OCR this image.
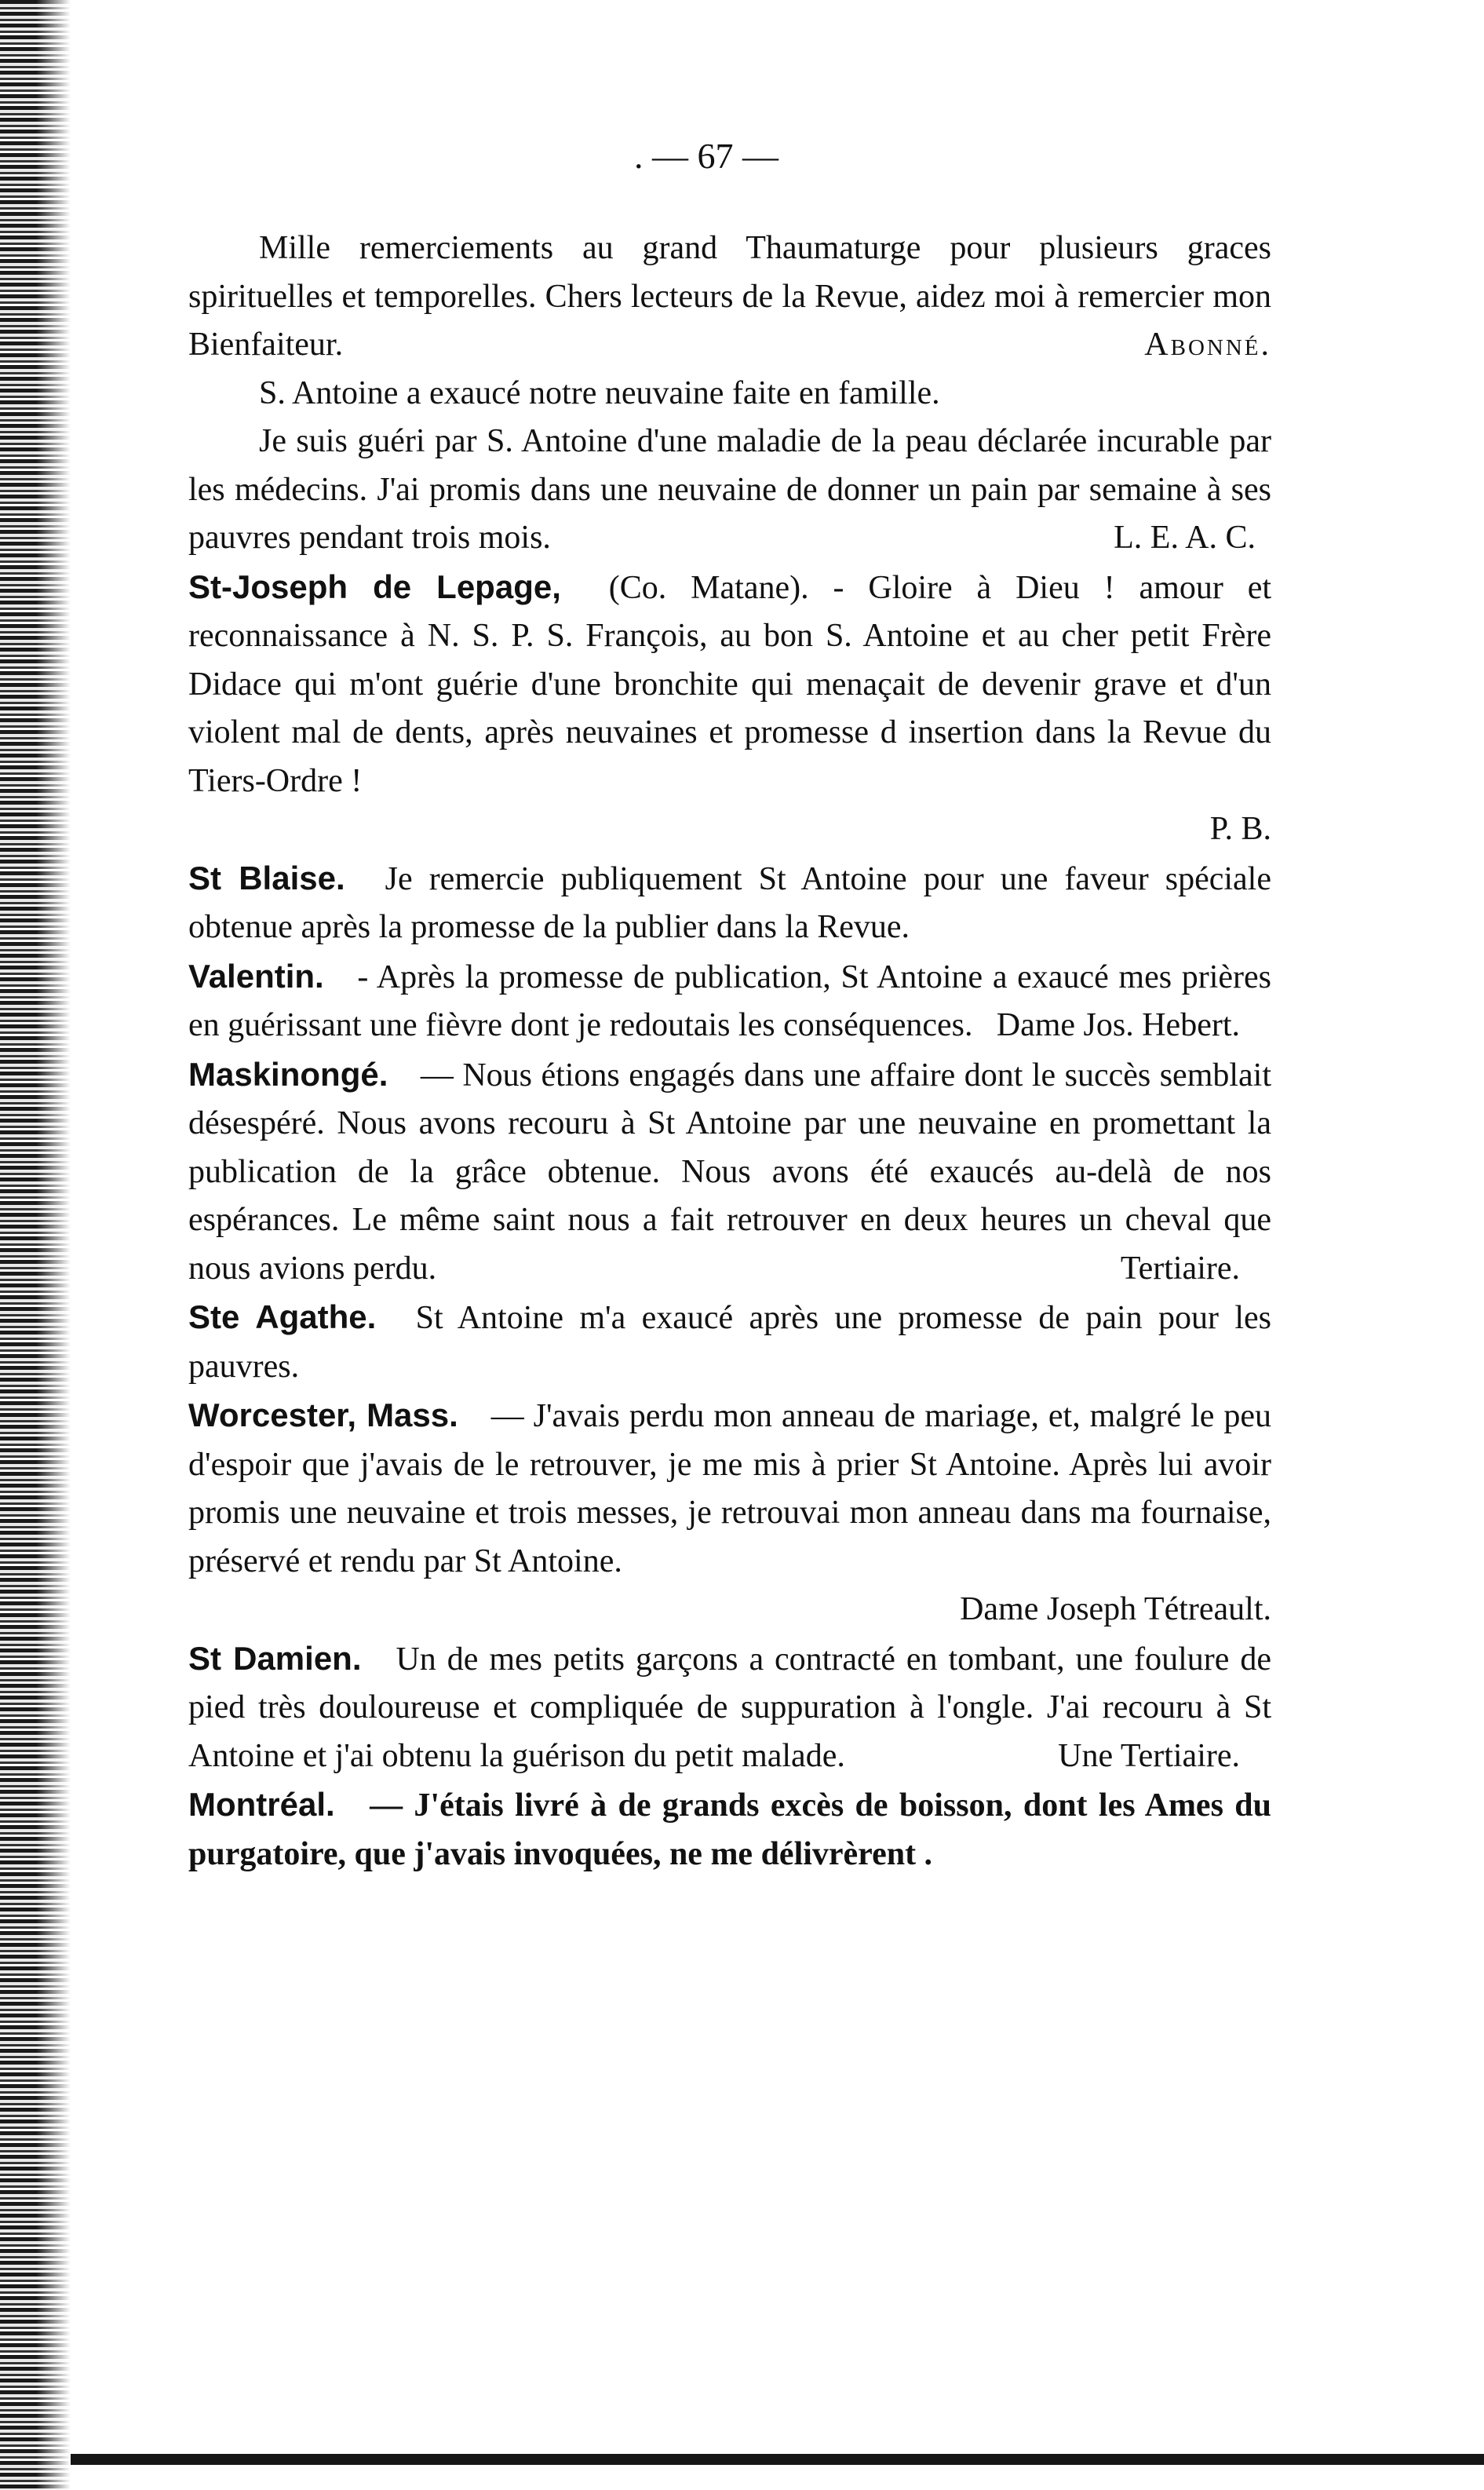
. — 67 —

Mille remerciements au grand Thaumaturge pour plusieurs graces spirituelles et temporelles. Chers lecteurs de la Revue, aidez moi à remercier mon Bienfaiteur.	Abonné.

S. Antoine a exaucé notre neuvaine faite en famille.

Je suis guéri par S. Antoine d'une maladie de la peau déclarée incurable par les médecins. J'ai promis dans une neuvaine de donner un pain par semaine à ses pauvres pendant trois mois.	L. E. A. C.

St-Joseph de Lepage, (Co. Matane). - Gloire à Dieu ! amour et reconnaissance à N. S. P. S. François, au bon S. Antoine et au cher petit Frère Didace qui m'ont guérie d'une bronchite qui menaçait de devenir grave et d'un violent mal de dents, après neuvaines et promesse d insertion dans la Revue du Tiers-Ordre !

P. B.

St Blaise. Je remercie publiquement St Antoine pour une faveur spéciale obtenue après la promesse de la publier dans la Revue.

Valentin. - Après la promesse de publication, St Antoine a exaucé mes prières en guérissant une fièvre dont je redoutais les conséquences. Dame Jos. Hebert.

Maskinongé. — Nous étions engagés dans une affaire dont le succès semblait désespéré. Nous avons recouru à St Antoine par une neuvaine en promettant la publication de la grâce obtenue. Nous avons été exaucés au-delà de nos espérances. Le même saint nous a fait retrouver en deux heures un cheval que nous avions perdu.	Tertiaire.

Ste Agathe. St Antoine m'a exaucé après une promesse de pain pour les pauvres.

Worcester, Mass. — J'avais perdu mon anneau de mariage, et, malgré le peu d'espoir que j'avais de le retrouver, je me mis à prier St Antoine. Après lui avoir promis une neuvaine et trois messes, je retrouvai mon anneau dans ma fournaise, préservé et rendu par St Antoine.

Dame Joseph Tétreault.

St Damien. Un de mes petits garçons a contracté en tombant, une foulure de pied très douloureuse et compliquée de suppuration à l'ongle. J'ai recouru à St Antoine et j'ai obtenu la guérison du petit malade.	Une Tertiaire.

Montréal. — J'étais livré à de grands excès de boisson, dont les Ames du purgatoire, que j'avais invoquées, ne me délivrèrent .
